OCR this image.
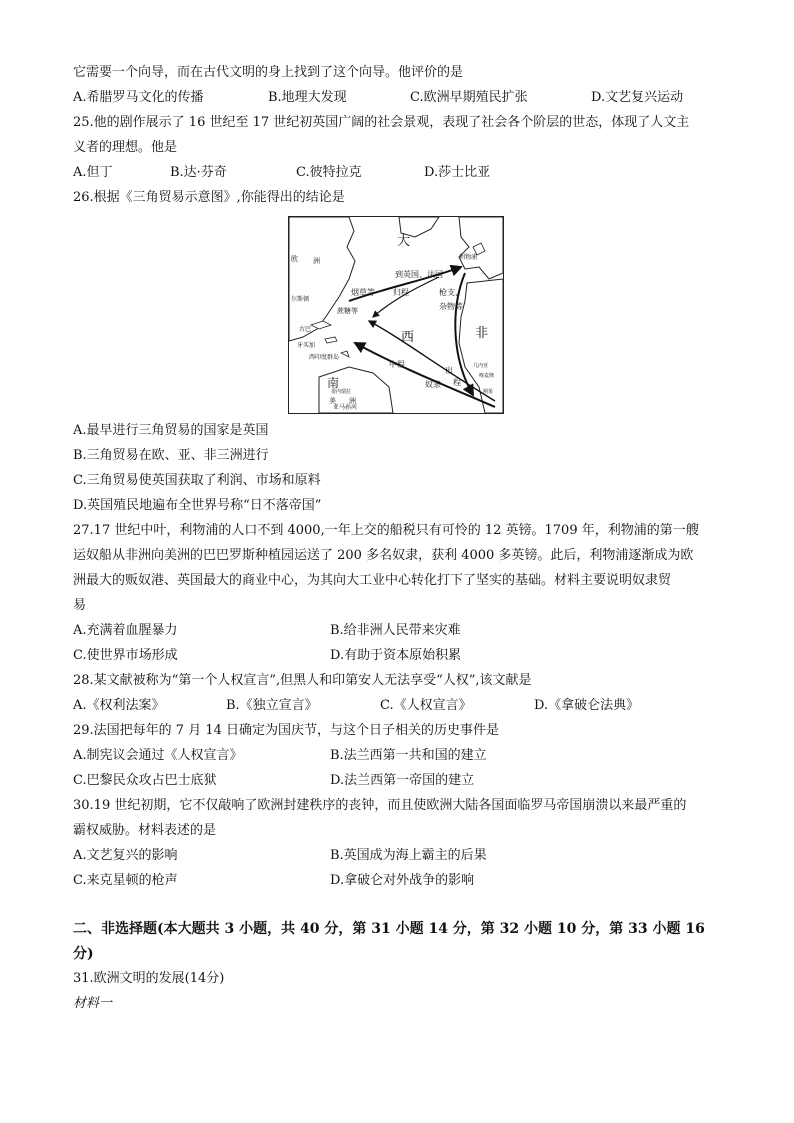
它需要一个向导，而在古代文明的身上找到了这个向导。他评价的是
A.希腊罗马文化的传播	B.地理大发现	C.欧洲早期殖民扩张	D.文艺复兴运动
25.他的剧作展示了 16 世纪至 17 世纪初英国广阔的社会景观，表现了社会各个阶层的世态，体现了人文主
义者的理想。他是
A.但丁	B.达·芬奇	C.彼特拉克	D.莎士比亚
26.根据《三角贸易示意图》,你能得出的结论是
大
欧 洲
西	非
南
美 洲
到英国、法国
烟草等 归程
蔗糖等
枪支、
杂物等
出
程
中程
奴隶
古巴
牙买加
西印度群岛
委内瑞拉
亚马孙河
几内亚
喀麦隆
利物浦
尔斯顿
刚果
A.最早进行三角贸易的国家是英国
B.三角贸易在欧、亚、非三洲进行
C.三角贸易使英国获取了利润、市场和原料
D.英国殖民地遍布全世界号称“日不落帝国”
27.17 世纪中叶，利物浦的人口不到 4000,一年上交的船税只有可怜的 12 英镑。1709 年，利物浦的第一艘
运奴船从非洲向美洲的巴巴罗斯种植园运送了 200 多名奴隶，获利 4000 多英镑。此后，利物浦逐渐成为欧
洲最大的贩奴港、英国最大的商业中心，为其向大工业中心转化打下了坚实的基础。材料主要说明奴隶贸
易
A.充满着血腥暴力	B.给非洲人民带来灾难
C.使世界市场形成	D.有助于资本原始积累
28.某文献被称为“第一个人权宣言”,但黑人和印第安人无法享受“人权”,该文献是
A.《权利法案》	B.《独立宣言》	C.《人权宣言》	D.《拿破仑法典》
29.法国把每年的 7 月 14 日确定为国庆节，与这个日子相关的历史事件是
A.制宪议会通过《人权宣言》	B.法兰西第一共和国的建立
C.巴黎民众攻占巴士底狱	D.法兰西第一帝国的建立
30.19 世纪初期，它不仅敲响了欧洲封建秩序的丧钟，而且使欧洲大陆各国面临罗马帝国崩溃以来最严重的
霸权威胁。材料表述的是
A.文艺复兴的影响	B.英国成为海上霸主的后果
C.来克星顿的枪声	D.拿破仑对外战争的影响
二、非选择题(本大题共 3 小题，共 40 分，第 31 小题 14 分，第 32 小题 10 分，第 33 小题 16
分)
31.欧洲文明的发展(14分)
材料一
